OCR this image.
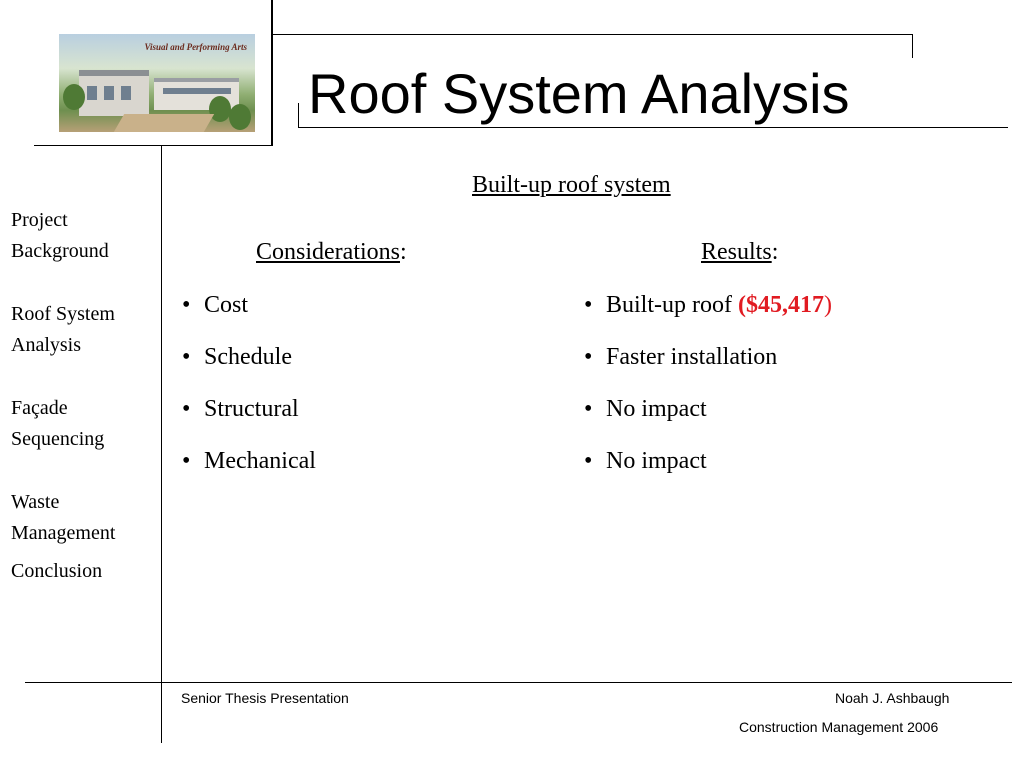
Visual and Performing Arts
Roof System Analysis
Project
Background
Roof System
Analysis
Façade
Sequencing
Waste
Management
Conclusion
Built-up roof system
Considerations:	Results:
• Cost
• Schedule
• Structural
• Mechanical
• Built-up roof ($45,417)
• Faster installation
• No impact
• No impact
Senior Thesis Presentation	Noah J. Ashbaugh
Construction Management 2006
